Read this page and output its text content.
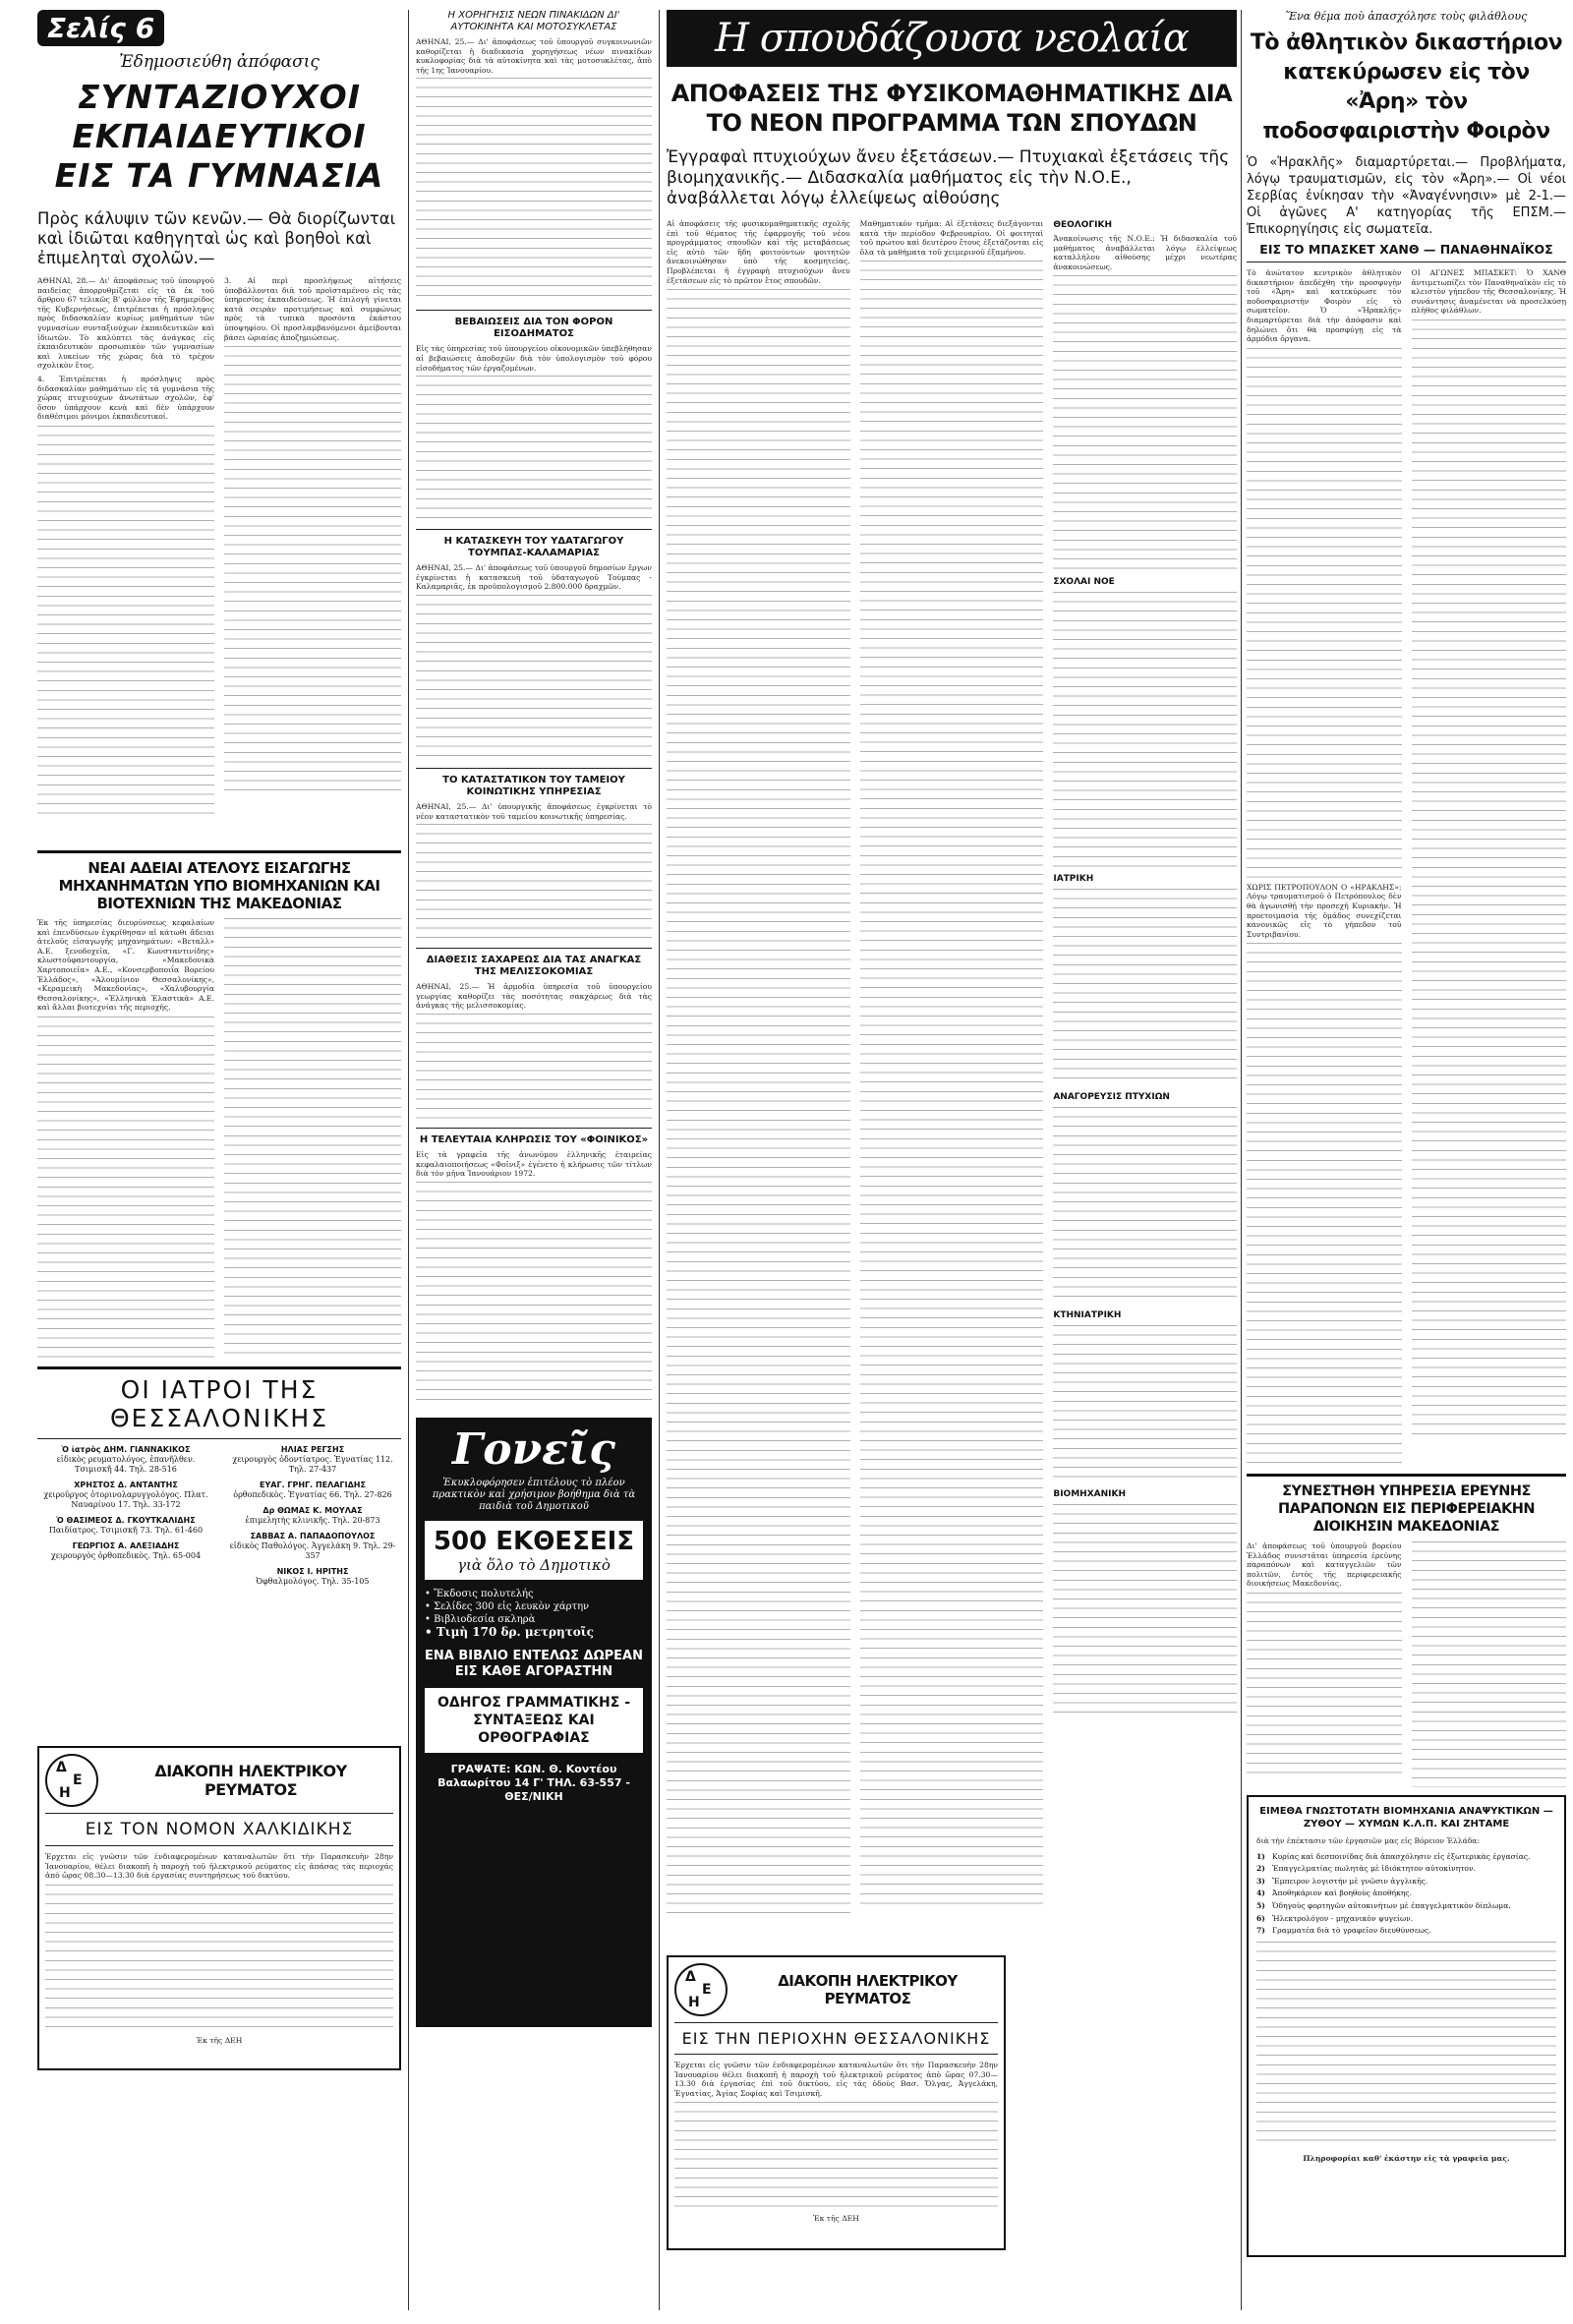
Σελίς 6
Ἐδημοσιεύθη ἀπόφασις
ΣΥΝΤΑΖΙΟΥΧΟΙ ΕΚΠΑΙΔΕΥΤΙΚΟΙ ΕΙΣ ΤΑ ΓΥΜΝΑΣΙΑ
Πρὸς κάλυψιν τῶν κενῶν.— Θὰ διορίζωνται καὶ ἰδιῶται καθηγηταὶ ὡς καὶ βοηθοὶ καὶ ἐπιμεληταὶ σχολῶν.—

ΑΘΗΝΑΙ, 28.— Δι' ἀποφάσεως τοῦ ὑπουργοῦ παιδείας ἀπορρυθμίζεται εἰς τὰ ἐκ τοῦ ἄρθρου 67 τελικῶς Β' φύλλον τῆς Ἐφημερίδος τῆς Κυβερνήσεως, ἐπιτρέπεται ἡ πρόσληψις πρὸς διδασκαλίαν κυρίως μαθημάτων τῶν γυμνασίων συνταξιούχων ἐκπαιδευτικῶν καὶ ἰδιωτῶν. Τὸ καλύπτει τὰς ἀνάγκας εἰς ἐκπαιδευτικὸν προσωπικὸν τῶν γυμνασίων καὶ λυκείων τῆς χώρας διὰ τὸ τρέχον σχολικὸν ἔτος.

4. Ἐπιτρέπεται ἡ πρόσληψις πρὸς διδασκαλίαν μαθημάτων εἰς τὰ γυμνάσια τῆς χώρας πτυχιούχων ἀνωτάτων σχολῶν, ἐφ' ὅσον ὑπάρχουν κενὰ καὶ δὲν ὑπάρχουν διαθέσιμοι μόνιμοι ἐκπαιδευτικοί.

3. Αἱ περὶ προσλήψεως αἰτήσεις ὑποβάλλονται διὰ τοῦ προϊσταμένου εἰς τὰς ὑπηρεσίας ἐκπαιδεύσεως. Ἡ ἐπιλογὴ γίνεται κατὰ σειρὰν προτιμήσεως καὶ συμφώνως πρὸς τὰ τυπικὰ προσόντα ἑκάστου ὑποψηφίου. Οἱ προσλαμβανόμενοι ἀμείβονται βάσει ὡριαίας ἀποζημιώσεως.

ΝΕΑΙ ΑΔΕΙΑΙ ΑΤΕΛΟΥΣ ΕΙΣΑΓΩΓΗΣ ΜΗΧΑΝΗΜΑΤΩΝ ΥΠΟ ΒΙΟΜΗΧΑΝΙΩΝ ΚΑΙ ΒΙΟΤΕΧΝΙΩΝ ΤΗΣ ΜΑΚΕΔΟΝΙΑΣ

Ἐκ τῆς ὑπηρεσίας διευρύνσεως κεφαλαίων καὶ ἐπενδύσεων ἐγκρίθησαν αἱ κάτωθι ἄδειαι ἀτελοῦς εἰσαγωγῆς μηχανημάτων: «Βεταλλ» Α.Ε. ξενοδοχεῖα, «Γ. Κωνσταντινίδης» κλωστοϋφαντουργία, «Μακεδονικὰ Χαρτοποιεῖα» Α.Ε., «Κονσερβοποιΐα Βορείου Ἑλλάδος», «Ἀλουμίνιον Θεσσαλονίκης», «Κεραμεικὴ Μακεδονίας», «Χαλυβουργία Θεσσαλονίκης», «Ἑλληνικὰ Ἐλαστικὰ» Α.Ε. καὶ ἄλλαι βιοτεχνίαι τῆς περιοχῆς.

ΟΙ ΙΑΤΡΟΙ ΤΗΣ ΘΕΣΣΑΛΟΝΙΚΗΣ
Ὁ ἰατρὸς ΔΗΜ. ΓΙΑΝΝΑΚΙΚΟΣ
εἰδικὸς ρευματολόγος, ἐπανῆλθεν. Τσιμισκῆ 44. Τηλ. 28-516
ΧΡΗΣΤΟΣ Δ. ΑΝΤΑΝΤΗΣ
χειροῦργος ὀτορινολαρυγγολόγος. Πλατ. Ναυαρίνου 17. Τηλ. 33-172
Ὁ ΘΑΣΙΜΕΟΣ Δ. ΓΚΟΥΤΚΑΛΙΔΗΣ
Παιδίατρος. Τσιμισκῆ 73. Τηλ. 61-460
ΓΕΩΡΓΙΟΣ Α. ΑΛΕΞΙΑΔΗΣ
χειρουργὸς ὀρθοπεδικὸς. Τηλ. 65-004
ΗΛΙΑΣ ΡΕΓΣΗΣ
χειρουργὸς ὀδοντίατρος. Ἐγνατίας 112. Τηλ. 27-437
ΕΥΑΓ. ΓΡΗΓ. ΠΕΛΑΓΙΔΗΣ
ὀρθοπεδικὸς. Ἐγνατίας 66. Τηλ. 27-826
Δρ ΘΩΜΑΣ Κ. ΜΟΥΛΑΣ
ἐπιμελητὴς κλινικῆς. Τηλ. 20-873
ΣΑΒΒΑΣ Α. ΠΑΠΑΔΟΠΟΥΛΟΣ
εἰδικὸς Παθολόγος. Ἁγγελάκη 9. Τηλ. 29-357
ΝΙΚΟΣ Ι. ΗΡΙΤΗΣ
Ὀφθαλμολόγος. Τηλ. 35-105
Δ
E
Η
ΔΙΑΚΟΠΗ ΗΛΕΚΤΡΙΚΟΥ ΡΕΥΜΑΤΟΣ
ΕΙΣ ΤΟΝ ΝΟΜΟΝ ΧΑΛΚΙΔΙΚΗΣ

Ἐρχεται εἰς γνῶσιν τῶν ἐνδιαφερομένων καταναλωτῶν ὅτι τὴν Παρασκευὴν 28ην Ἰανουαρίου, θέλει διακοπῆ ἡ παροχὴ τοῦ ἠλεκτρικοῦ ρεύματος εἰς ἀπάσας τὰς περιοχάς ἀπὸ ὥρας 08.30—13.30 διὰ ἐργασίας συντηρήσεως τοῦ δικτύου.

Ἐκ τῆς ΔΕΗ
Η ΧΟΡΗΓΗΣΙΣ ΝΕΩΝ ΠΙΝΑΚΙΔΩΝ ΔΙ' ΑΥΤΟΚΙΝΗΤΑ ΚΑΙ ΜΟΤΟΣΥΚΛΕΤΑΣ

ΑΘΗΝΑΙ, 25.— Δι' ἀποφάσεως τοῦ ὑπουργοῦ συγκοινωνιῶν καθορίζεται ἡ διαδικασία χορηγήσεως νέων πινακίδων κυκλοφορίας διὰ τὰ αὐτοκίνητα καὶ τὰς μοτοσυκλέτας, ἀπὸ τῆς 1ης Ἰανουαρίου.

ΒΕΒΑΙΩΣΕΙΣ ΔΙΑ ΤΟΝ ΦΟΡΟΝ ΕΙΣΟΔΗΜΑΤΟΣ

Εἰς τὰς ὑπηρεσίας τοῦ ὑπουργείου οἰκονομικῶν ὑπεβλήθησαν αἱ βεβαιώσεις ἀποδοχῶν διὰ τὸν ὑπολογισμὸν τοῦ φόρου εἰσοδήματος τῶν ἐργαζομένων.

Η ΚΑΤΑΣΚΕΥΗ ΤΟΥ ΥΔΑΤΑΓΩΓΟΥ ΤΟΥΜΠΑΣ-ΚΑΛΑΜΑΡΙΑΣ

ΑΘΗΝΑΙ, 25.— Δι' ἀποφάσεως τοῦ ὑπουργοῦ δημοσίων ἔργων ἐγκρίνεται ἡ κατασκευὴ τοῦ ὑδαταγωγοῦ Τούμπας - Καλαμαριᾶς, ἐκ προϋπολογισμοῦ 2.800.000 δραχμῶν.

ΤΟ ΚΑΤΑΣΤΑΤΙΚΟΝ ΤΟΥ ΤΑΜΕΙΟΥ ΚΟΙΝΩΤΙΚΗΣ ΥΠΗΡΕΣΙΑΣ

ΑΘΗΝΑΙ, 25.— Δι' ὑπουργικῆς ἀποφάσεως ἐγκρίνεται τὸ νέον καταστατικὸν τοῦ ταμείου κοινωτικῆς ὑπηρεσίας.

ΔΙΑΘΕΣΙΣ ΣΑΧΑΡΕΩΣ ΔΙΑ ΤΑΣ ΑΝΑΓΚΑΣ ΤΗΣ ΜΕΛΙΣΣΟΚΟΜΙΑΣ

ΑΘΗΝΑΙ, 25.— Ἡ ἁρμοδία ὑπηρεσία τοῦ ὑπουργείου γεωργίας καθορίζει τὰς ποσότητας σακχάρεως διὰ τὰς ἀνάγκας τῆς μελισσοκομίας.

Η ΤΕΛΕΥΤΑΙΑ ΚΛΗΡΩΣΙΣ ΤΟΥ «ΦΟΙΝΙΚΟΣ»

Εἰς τὰ γραφεῖα τῆς ἀνωνύμου ἑλληνικῆς ἑταιρείας κεφαλαιοποιήσεως «Φοῖνιξ» ἐγένετο ἡ κλήρωσις τῶν τίτλων διὰ τὸν μῆνα Ἰανουάριον 1972.

Γονεῖς
Ἐκυκλοφόρησεν ἐπιτέλους τὸ πλέον πρακτικὸν καὶ χρήσιμον βοήθημα διὰ τὰ παιδιὰ τοῦ Δημοτικοῦ
500 ΕΚΘΕΣΕΙΣ
γιὰ ὅλο τὸ Δημοτικὸ
• Ἔκδοσις πολυτελής
• Σελίδες 300 εἰς λευκὸν χάρτην
• Βιβλιοδεσία σκληρὰ
• Τιμὴ 170 δρ. μετρητοῖς
ΕΝΑ ΒΙΒΛΙΟ ΕΝΤΕΛΩΣ ΔΩΡΕΑΝ ΕΙΣ ΚΑΘΕ ΑΓΟΡΑΣΤΗΝ
ΟΔΗΓΟΣ ΓΡΑΜΜΑΤΙΚΗΣ - ΣΥΝΤΑΞΕΩΣ ΚΑΙ ΟΡΘΟΓΡΑΦΙΑΣ
ΓΡΑΨΑΤΕ: ΚΩΝ. Θ. Κοντέου Βαλαωρίτου 14 Γ' ΤΗΛ. 63-557 - ΘΕΣ/ΝΙΚΗ
Η σπουδάζουσα νεολαία
ΑΠΟΦΑΣΕΙΣ ΤΗΣ ΦΥΣΙΚΟΜΑΘΗΜΑΤΙΚΗΣ ΔΙΑ ΤΟ ΝΕΟΝ ΠΡΟΓΡΑΜΜΑ ΤΩΝ ΣΠΟΥΔΩΝ
Ἐγγραφαὶ πτυχιούχων ἄνευ ἐξετάσεων.— Πτυχιακαὶ ἐξετάσεις τῆς βιομηχανικῆς.— Διδασκαλία μαθήματος εἰς τὴν Ν.Ο.Ε., ἀναβάλλεται λόγῳ ἐλλείψεως αἰθούσης

Αἱ ἀποφάσεις τῆς φυσικομαθηματικῆς σχολῆς ἐπὶ τοῦ θέματος τῆς ἐφαρμογῆς τοῦ νέου προγράμματος σπουδῶν καὶ τῆς μεταβάσεως εἰς αὐτὸ τῶν ἤδη φοιτούντων φοιτητῶν ἀνεκοινώθησαν ὑπὸ τῆς κοσμητείας. Προβλέπεται ἡ ἐγγραφὴ πτυχιούχων ἄνευ ἐξετάσεων εἰς τὸ πρῶτον ἔτος σπουδῶν.

Μαθηματικὸν τμῆμα: Αἱ ἐξετάσεις διεξάγονται κατὰ τὴν περίοδον Φεβρουαρίου. Οἱ φοιτηταὶ τοῦ πρώτου καὶ δευτέρου ἔτους ἐξετάζονται εἰς ὅλα τὰ μαθήματα τοῦ χειμερινοῦ ἑξαμήνου.

ΘΕΟΛΟΓΙΚΗ

Ἀνακοίνωσις τῆς Ν.Ο.Ε.: Ἡ διδασκαλία τοῦ μαθήματος ἀναβάλλεται λόγῳ ἐλλείψεως καταλλήλου αἰθούσης μέχρι νεωτέρας ἀνακοινώσεως.

ΣΧΟΛΑΙ ΝΟΕ
ΙΑΤΡΙΚΗ
ΑΝΑΓΟΡΕΥΣΙΣ ΠΤΥΧΙΩΝ
ΚΤΗΝΙΑΤΡΙΚΗ
ΒΙΟΜΗΧΑΝΙΚΗ
Δ
E
Η
ΔΙΑΚΟΠΗ ΗΛΕΚΤΡΙΚΟΥ ΡΕΥΜΑΤΟΣ
ΕΙΣ ΤΗΝ ΠΕΡΙΟΧΗΝ ΘΕΣΣΑΛΟΝΙΚΗΣ

Ἐρχεται εἰς γνῶσιν τῶν ἐνδιαφερομένων καταναλωτῶν ὅτι τὴν Παρασκευὴν 28ην Ἰανουαρίου θέλει διακοπῆ ἡ παροχὴ τοῦ ἠλεκτρικοῦ ρεύματος ἀπὸ ὥρας 07.30—13.30 διὰ ἐργασίας ἐπὶ τοῦ δικτύου, εἰς τὰς ὁδοὺς Βασ. Ὄλγας, Ἀγγελάκη, Ἐγνατίας, Ἁγίας Σοφίας καὶ Τσιμισκῆ.

Ἐκ τῆς ΔΕΗ
Ἕνα θέμα ποὺ ἀπασχόλησε τοὺς φιλάθλους
Τὸ ἀθλητικὸν δικαστήριον κατεκύρωσεν εἰς τὸν «Ἀρη» τὸν ποδοσφαιριστὴν Φοιρὸν
Ὁ «Ἡρακλῆς» διαμαρτύρεται.— Προβλήματα, λόγῳ τραυματισμῶν, εἰς τὸν «Ἀρη».— Οἱ νέοι Σερβίας ἐνίκησαν τὴν «Ἀναγέννησιν» μὲ 2-1.— Οἱ ἀγῶνες Α' κατηγορίας τῆς ΕΠΣΜ.— Ἐπικορηγίησις εἰς σωματεῖα.
ΕΙΣ ΤΟ ΜΠΑΣΚΕΤ ΧΑΝΘ — ΠΑΝΑΘΗΝΑΪΚΟΣ

Τὸ ἀνώτατον κεντρικὸν ἀθλητικὸν δικαστήριον ἀπεδέχθη τὴν προσφυγὴν τοῦ «Ἄρη» καὶ κατεκύρωσε τὸν ποδοσφαιριστὴν Φοιρὸν εἰς τὸ σωματεῖον. Ὁ «Ἡρακλῆς» διαμαρτύρεται διὰ τὴν ἀπόφασιν καὶ δηλώνει ὅτι θὰ προσφύγῃ εἰς τὰ ἁρμόδια ὄργανα.

ΧΩΡΙΣ ΠΕΤΡΟΠΟΥΛΟΝ Ο «ΗΡΑΚΛΗΣ»: Λόγῳ τραυματισμοῦ ὁ Πετρόπουλος δὲν θὰ ἀγωνισθῇ τὴν προσεχῆ Κυριακήν. Ἡ προετοιμασία τῆς ὁμάδος συνεχίζεται κανονικῶς εἰς τὸ γήπεδον τοῦ Συντριβανίου.

ΟΙ ΑΓΩΝΕΣ ΜΠΑΣΚΕΤ: Ὁ ΧΑΝΘ ἀντιμετωπίζει τὸν Παναθηναϊκὸν εἰς τὸ κλειστὸν γήπεδον τῆς Θεσσαλονίκης. Ἡ συνάντησις ἀναμένεται νὰ προσελκύσῃ πλῆθος φιλάθλων.

ΣΥΝΕΣΤΗΘΗ ΥΠΗΡΕΣΙΑ ΕΡΕΥΝΗΣ ΠΑΡΑΠΟΝΩΝ ΕΙΣ ΠΕΡΙΦΕΡΕΙΑΚΗΝ ΔΙΟΙΚΗΣΙΝ ΜΑΚΕΔΟΝΙΑΣ

Δι' ἀποφάσεως τοῦ ὑπουργοῦ βορείου Ἑλλάδος συνιστᾶται ὑπηρεσία ἐρεύνης παραπόνων καὶ καταγγελιῶν τῶν πολιτῶν, ἐντὸς τῆς περιφερειακῆς διοικήσεως Μακεδονίας.

ΕΙΜΕΘΑ ΓΝΩΣΤΟΤΑΤΗ ΒΙΟΜΗΧΑΝΙΑ ΑΝΑΨΥΚΤΙΚΩΝ — ΖΥΘΟΥ — ΧΥΜΩΝ Κ.Λ.Π. ΚΑΙ ΖΗΤΑΜΕ
διὰ τὴν ἐπέκτασιν τῶν ἐργασιῶν μας εἰς Βόρειον Ἑλλάδα:
1) Κυρίας καὶ δεσποινίδας διὰ ἀπασχόλησιν εἰς ἐξωτερικὰς ἐργασίας.
2) Ἐπαγγελματίας πωλητὰς μὲ ἰδιόκτητον αὐτοκίνητον.
3) Ἔμπειρον λογιστήν μὲ γνῶσιν ἀγγλικῆς.
4) Ἀποθηκάριον καὶ βοηθοὺς ἀποθήκης.
5) Ὁδηγοὺς φορτηγῶν αὐτοκινήτων μὲ ἐπαγγελματικὸν δίπλωμα.
6) Ἠλεκτρολόγον - μηχανικὸν ψυγείων.
7) Γραμματέα διὰ τὸ γραφεῖον διευθύνσεως.
Πληροφορίαι καθ' ἑκάστην εἰς τὰ γραφεῖα μας.
